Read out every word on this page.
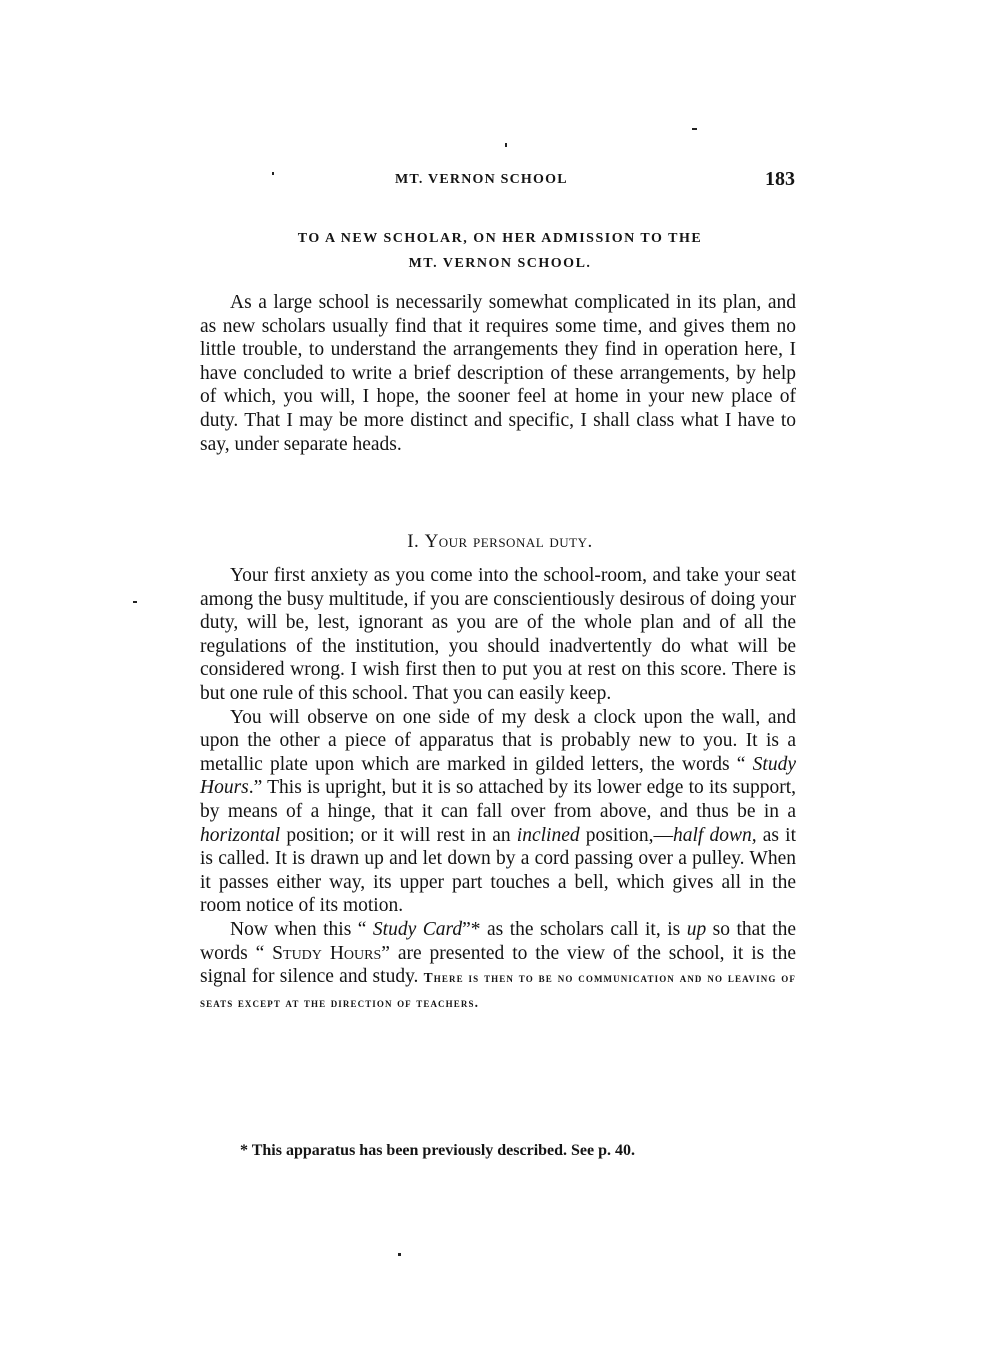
MT. VERNON SCHOOL	183
TO A NEW SCHOLAR, ON HER ADMISSION TO THE
MT. VERNON SCHOOL.

As a large school is necessarily somewhat complicated in its plan, and as new scholars usually find that it requires some time, and gives them no little trouble, to understand the arrangements they find in operation here, I have concluded to write a brief description of these arrangements, by help of which, you will, I hope, the sooner feel at home in your new place of duty. That I may be more distinct and specific, I shall class what I have to say, under separate heads.

I. Your personal duty.

Your first anxiety as you come into the school-room, and take your seat among the busy multitude, if you are conscientiously desirous of doing your duty, will be, lest, ignorant as you are of the whole plan and of all the regulations of the institution, you should inadvertently do what will be considered wrong. I wish first then to put you at rest on this score. There is but one rule of this school. That you can easily keep.

You will observe on one side of my desk a clock upon the wall, and upon the other a piece of apparatus that is probably new to you. It is a metallic plate upon which are marked in gilded letters, the words “ Study Hours.” This is upright, but it is so attached by its lower edge to its support, by means of a hinge, that it can fall over from above, and thus be in a horizontal position; or it will rest in an inclined position,—half down, as it is called. It is drawn up and let down by a cord passing over a pulley. When it passes either way, its upper part touches a bell, which gives all in the room notice of its motion.

Now when this “ Study Card”* as the scholars call it, is up so that the words “ Study Hours” are presented to the view of the school, it is the signal for silence and study. There is then to be no communication and no leaving of seats except at the direction of teachers.

* This apparatus has been previously described. See p. 40.
